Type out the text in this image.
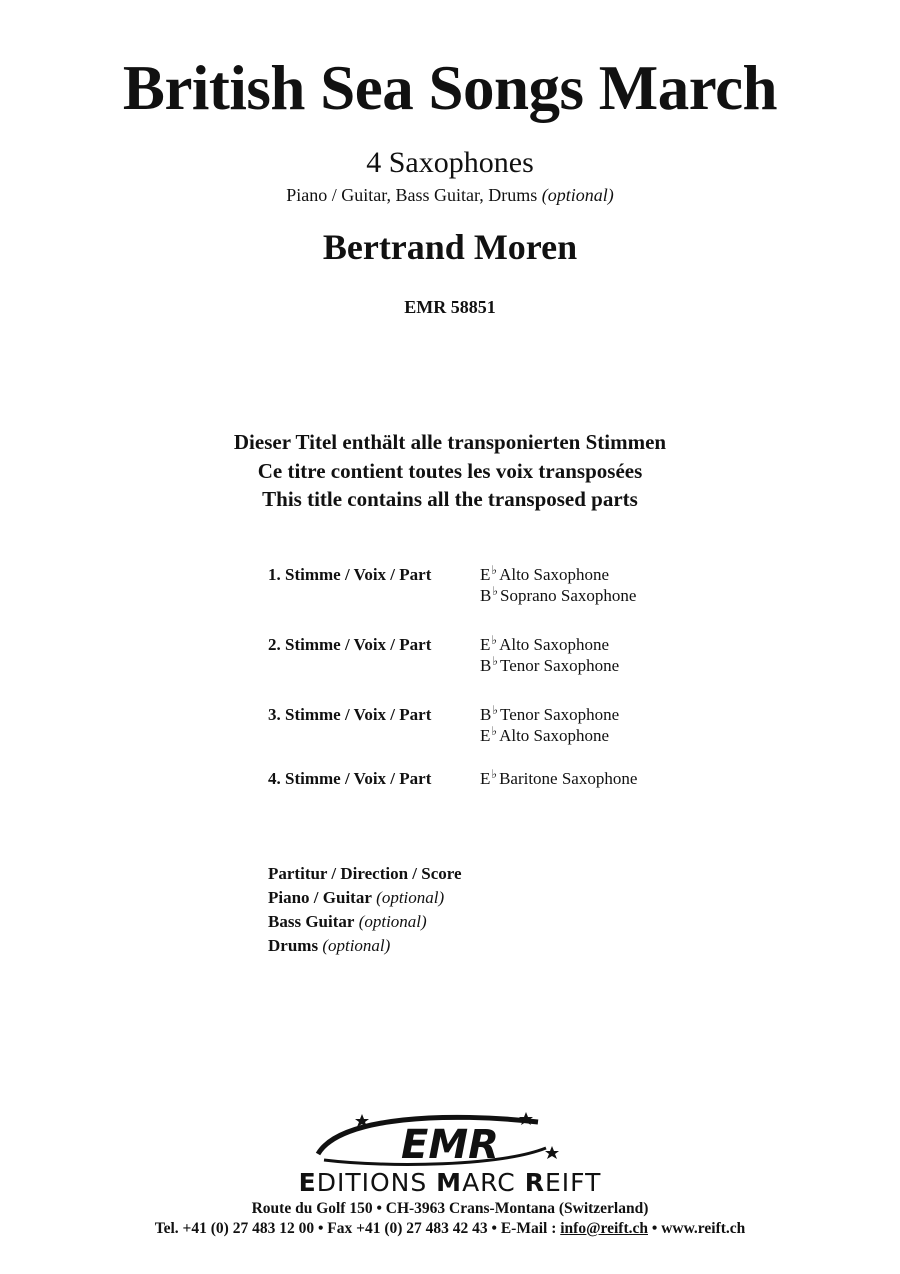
British Sea Songs March
4 Saxophones
Piano / Guitar, Bass Guitar, Drums (optional)
Bertrand Moren
EMR 58851
Dieser Titel enthält alle transponierten Stimmen
Ce titre contient toutes les voix transposées
This title contains all the transposed parts
1. Stimme / Voix / Part	E♭ Alto Saxophone
B♭ Soprano Saxophone
2. Stimme / Voix / Part	E♭ Alto Saxophone
B♭ Tenor Saxophone
3. Stimme / Voix / Part	B♭ Tenor Saxophone
E♭ Alto Saxophone
4. Stimme / Voix / Part	E♭ Baritone Saxophone
Partitur / Direction / Score
Piano / Guitar (optional)
Bass Guitar (optional)
Drums (optional)
EMR
EDITIONS MARC REIFT
Route du Golf 150 • CH-3963 Crans-Montana (Switzerland)
Tel. +41 (0) 27 483 12 00 • Fax +41 (0) 27 483 42 43 • E-Mail : info@reift.ch • www.reift.ch
